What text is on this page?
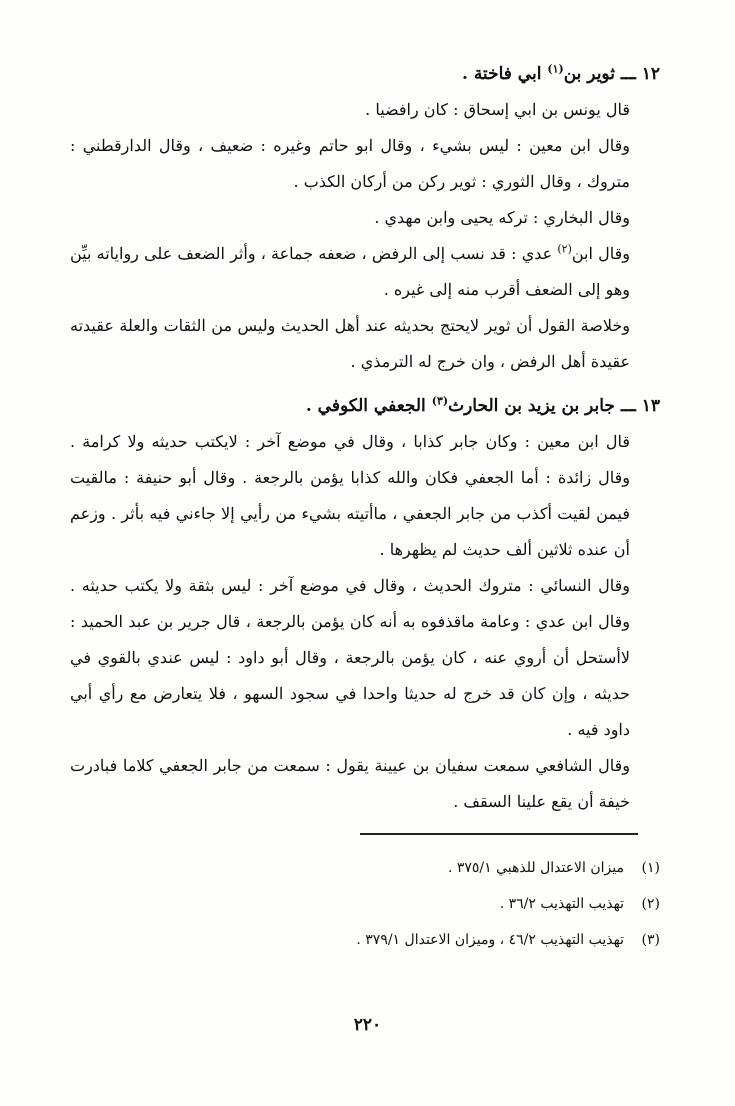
١٢ ـــ ثوير بن$^{(١)}$ ابي فاختة .

قال يونس بن ابي إسحاق : كان رافضيا .

وقال ابن معين : ليس بشيء ، وقال ابو حاتم وغيره : ضعيف ، وقال الدارقطني : متروك ، وقال الثوري : ثوير ركن من أركان الكذب .

وقال البخاري : تركه يحيى وابن مهدي .

وقال ابن$^{(٢)}$ عدي : قد نسب إلى الرفض ، ضعفه جماعة ، وأثر الضعف على رواياته بيِّن وهو إلى الضعف أقرب منه إلى غيره .

وخلاصة القول أن ثوير لايحتج بحديثه عند أهل الحديث وليس من الثقات والعلة عقيدته عقيدة أهل الرفض ، وان خرج له الترمذي .

١٣ ـــ جابر بن يزيد بن الحارث$^{(٣)}$ الجعفي الكوفي .

قال ابن معين : وكان جابر كذابا ، وقال في موضع آخر : لايكتب حديثه ولا كرامة . وقال زائدة : أما الجعفي فكان والله كذابا يؤمن بالرجعة . وقال أبو حنيفة : مالقيت فيمن لقيت أكذب من جابر الجعفي ، ماأتيته بشيء من رأيي إلا جاءني فيه بأثر . وزعم أن عنده ثلاثين ألف حديث لم يظهرها .

وقال النسائي : متروك الحديث ، وقال في موضع آخر : ليس بثقة ولا يكتب حديثه . وقال ابن عدي : وعامة ماقذفوه به أنه كان يؤمن بالرجعة ، قال جرير بن عبد الحميد : لاأستحل أن أروي عنه ، كان يؤمن بالرجعة ، وقال أبو داود : ليس عندي بالقوي في حديثه ، وإن كان قد خرج له حديثا واحدا في سجود السهو ، فلا يتعارض مع رأي أبي داود فيه .

وقال الشافعي سمعت سفيان بن عيينة يقول : سمعت من جابر الجعفي كلاما فبادرت خيفة أن يقع علينا السقف .

(١)ميزان الاعتدال للذهبي ٣٧٥/١ .

(٢)تهذيب التهذيب ٣٦/٢ .

(٣)تهذيب التهذيب ٤٦/٢ ، وميزان الاعتدال ٣٧٩/١ .

٢٢٠
